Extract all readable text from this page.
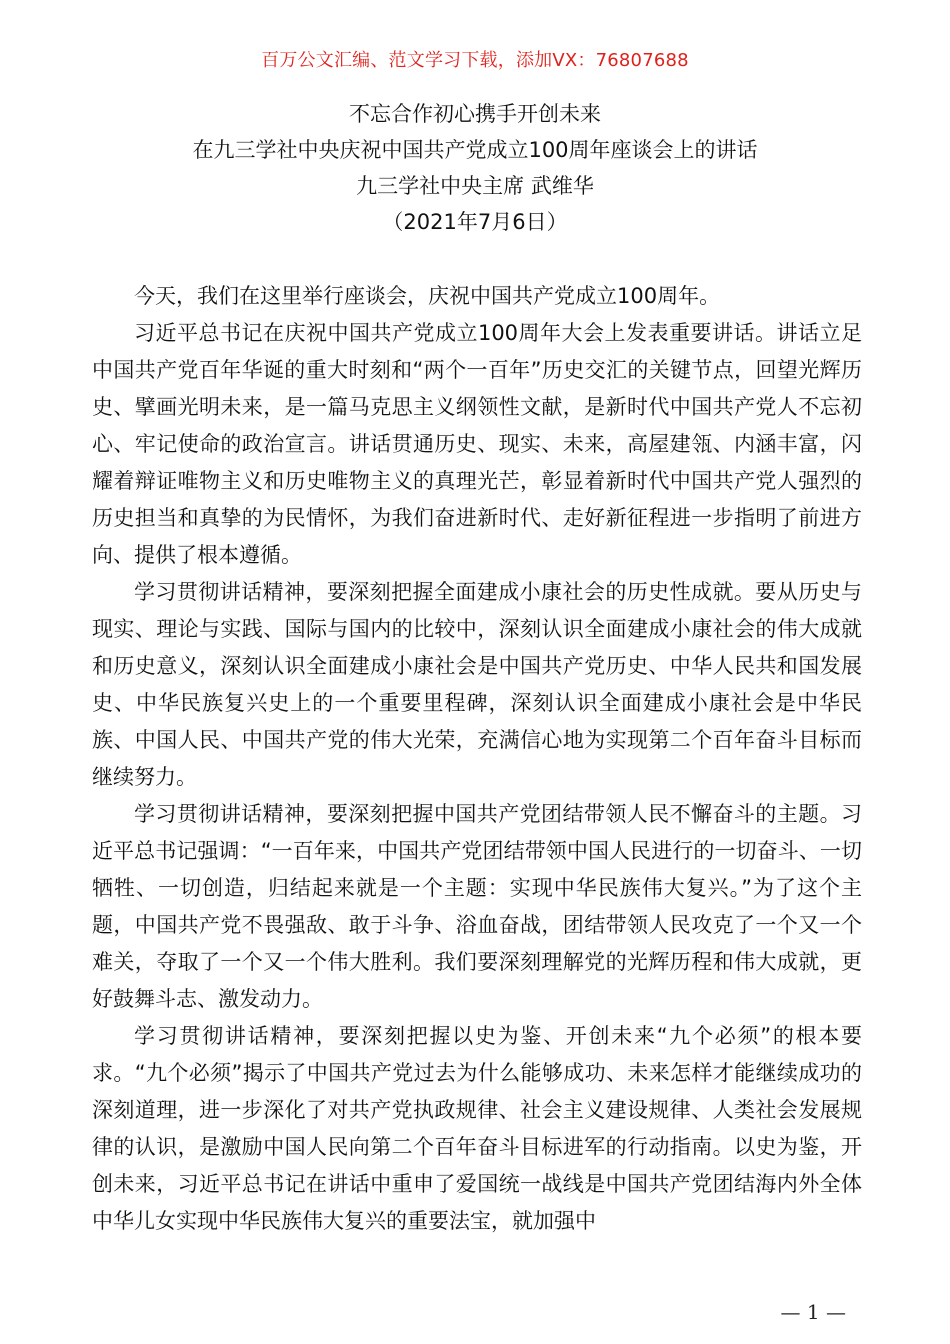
百万公文汇编、范文学习下载，添加VX：76807688
不忘合作初心携手开创未来
在九三学社中央庆祝中国共产党成立100周年座谈会上的讲话
九三学社中央主席 武维华
（2021年7月6日）

今天，我们在这里举行座谈会，庆祝中国共产党成立100周年。

习近平总书记在庆祝中国共产党成立100周年大会上发表重要讲话。讲话立足中国共产党百年华诞的重大时刻和“两个一百年”历史交汇的关键节点，回望光辉历史、擘画光明未来，是一篇马克思主义纲领性文献，是新时代中国共产党人不忘初心、牢记使命的政治宣言。讲话贯通历史、现实、未来，高屋建瓴、内涵丰富，闪耀着辩证唯物主义和历史唯物主义的真理光芒，彰显着新时代中国共产党人强烈的历史担当和真挚的为民情怀，为我们奋进新时代、走好新征程进一步指明了前进方向、提供了根本遵循。

学习贯彻讲话精神，要深刻把握全面建成小康社会的历史性成就。要从历史与现实、理论与实践、国际与国内的比较中，深刻认识全面建成小康社会的伟大成就和历史意义，深刻认识全面建成小康社会是中国共产党历史、中华人民共和国发展史、中华民族复兴史上的一个重要里程碑，深刻认识全面建成小康社会是中华民族、中国人民、中国共产党的伟大光荣，充满信心地为实现第二个百年奋斗目标而继续努力。

学习贯彻讲话精神，要深刻把握中国共产党团结带领人民不懈奋斗的主题。习近平总书记强调：“一百年来，中国共产党团结带领中国人民进行的一切奋斗、一切牺牲、一切创造，归结起来就是一个主题：实现中华民族伟大复兴。”为了这个主题，中国共产党不畏强敌、敢于斗争、浴血奋战，团结带领人民攻克了一个又一个难关，夺取了一个又一个伟大胜利。我们要深刻理解党的光辉历程和伟大成就，更好鼓舞斗志、激发动力。

学习贯彻讲话精神，要深刻把握以史为鉴、开创未来“九个必须”的根本要求。“九个必须”揭示了中国共产党过去为什么能够成功、未来怎样才能继续成功的深刻道理，进一步深化了对共产党执政规律、社会主义建设规律、人类社会发展规律的认识，是激励中国人民向第二个百年奋斗目标进军的行动指南。以史为鉴，开创未来，习近平总书记在讲话中重申了爱国统一战线是中国共产党团结海内外全体中华儿女实现中华民族伟大复兴的重要法宝，就加强中

— 1 —
